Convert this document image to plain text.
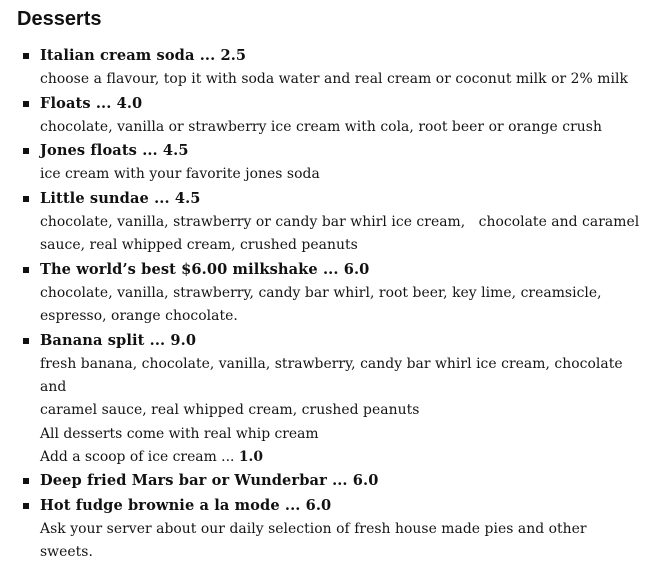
Desserts
Italian cream soda ... 2.5
choose a flavour, top it with soda water and real cream or coconut milk or 2% milk
Floats ... 4.0
chocolate, vanilla or strawberry ice cream with cola, root beer or orange crush
Jones floats ... 4.5
ice cream with your favorite jones soda
Little sundae ... 4.5
chocolate, vanilla, strawberry or candy bar whirl ice cream,   chocolate and caramel
sauce, real whipped cream, crushed peanuts
The world’s best $6.00 milkshake ... 6.0
chocolate, vanilla, strawberry, candy bar whirl, root beer, key lime, creamsicle,
espresso, orange chocolate.
Banana split ... 9.0
fresh banana, chocolate, vanilla, strawberry, candy bar whirl ice cream, chocolate and
caramel sauce, real whipped cream, crushed peanuts
All desserts come with real whip cream
Add a scoop of ice cream ... 1.0
Deep fried Mars bar or Wunderbar ... 6.0
Hot fudge brownie a la mode ... 6.0
Ask your server about our daily selection of fresh house made pies and other sweets.
